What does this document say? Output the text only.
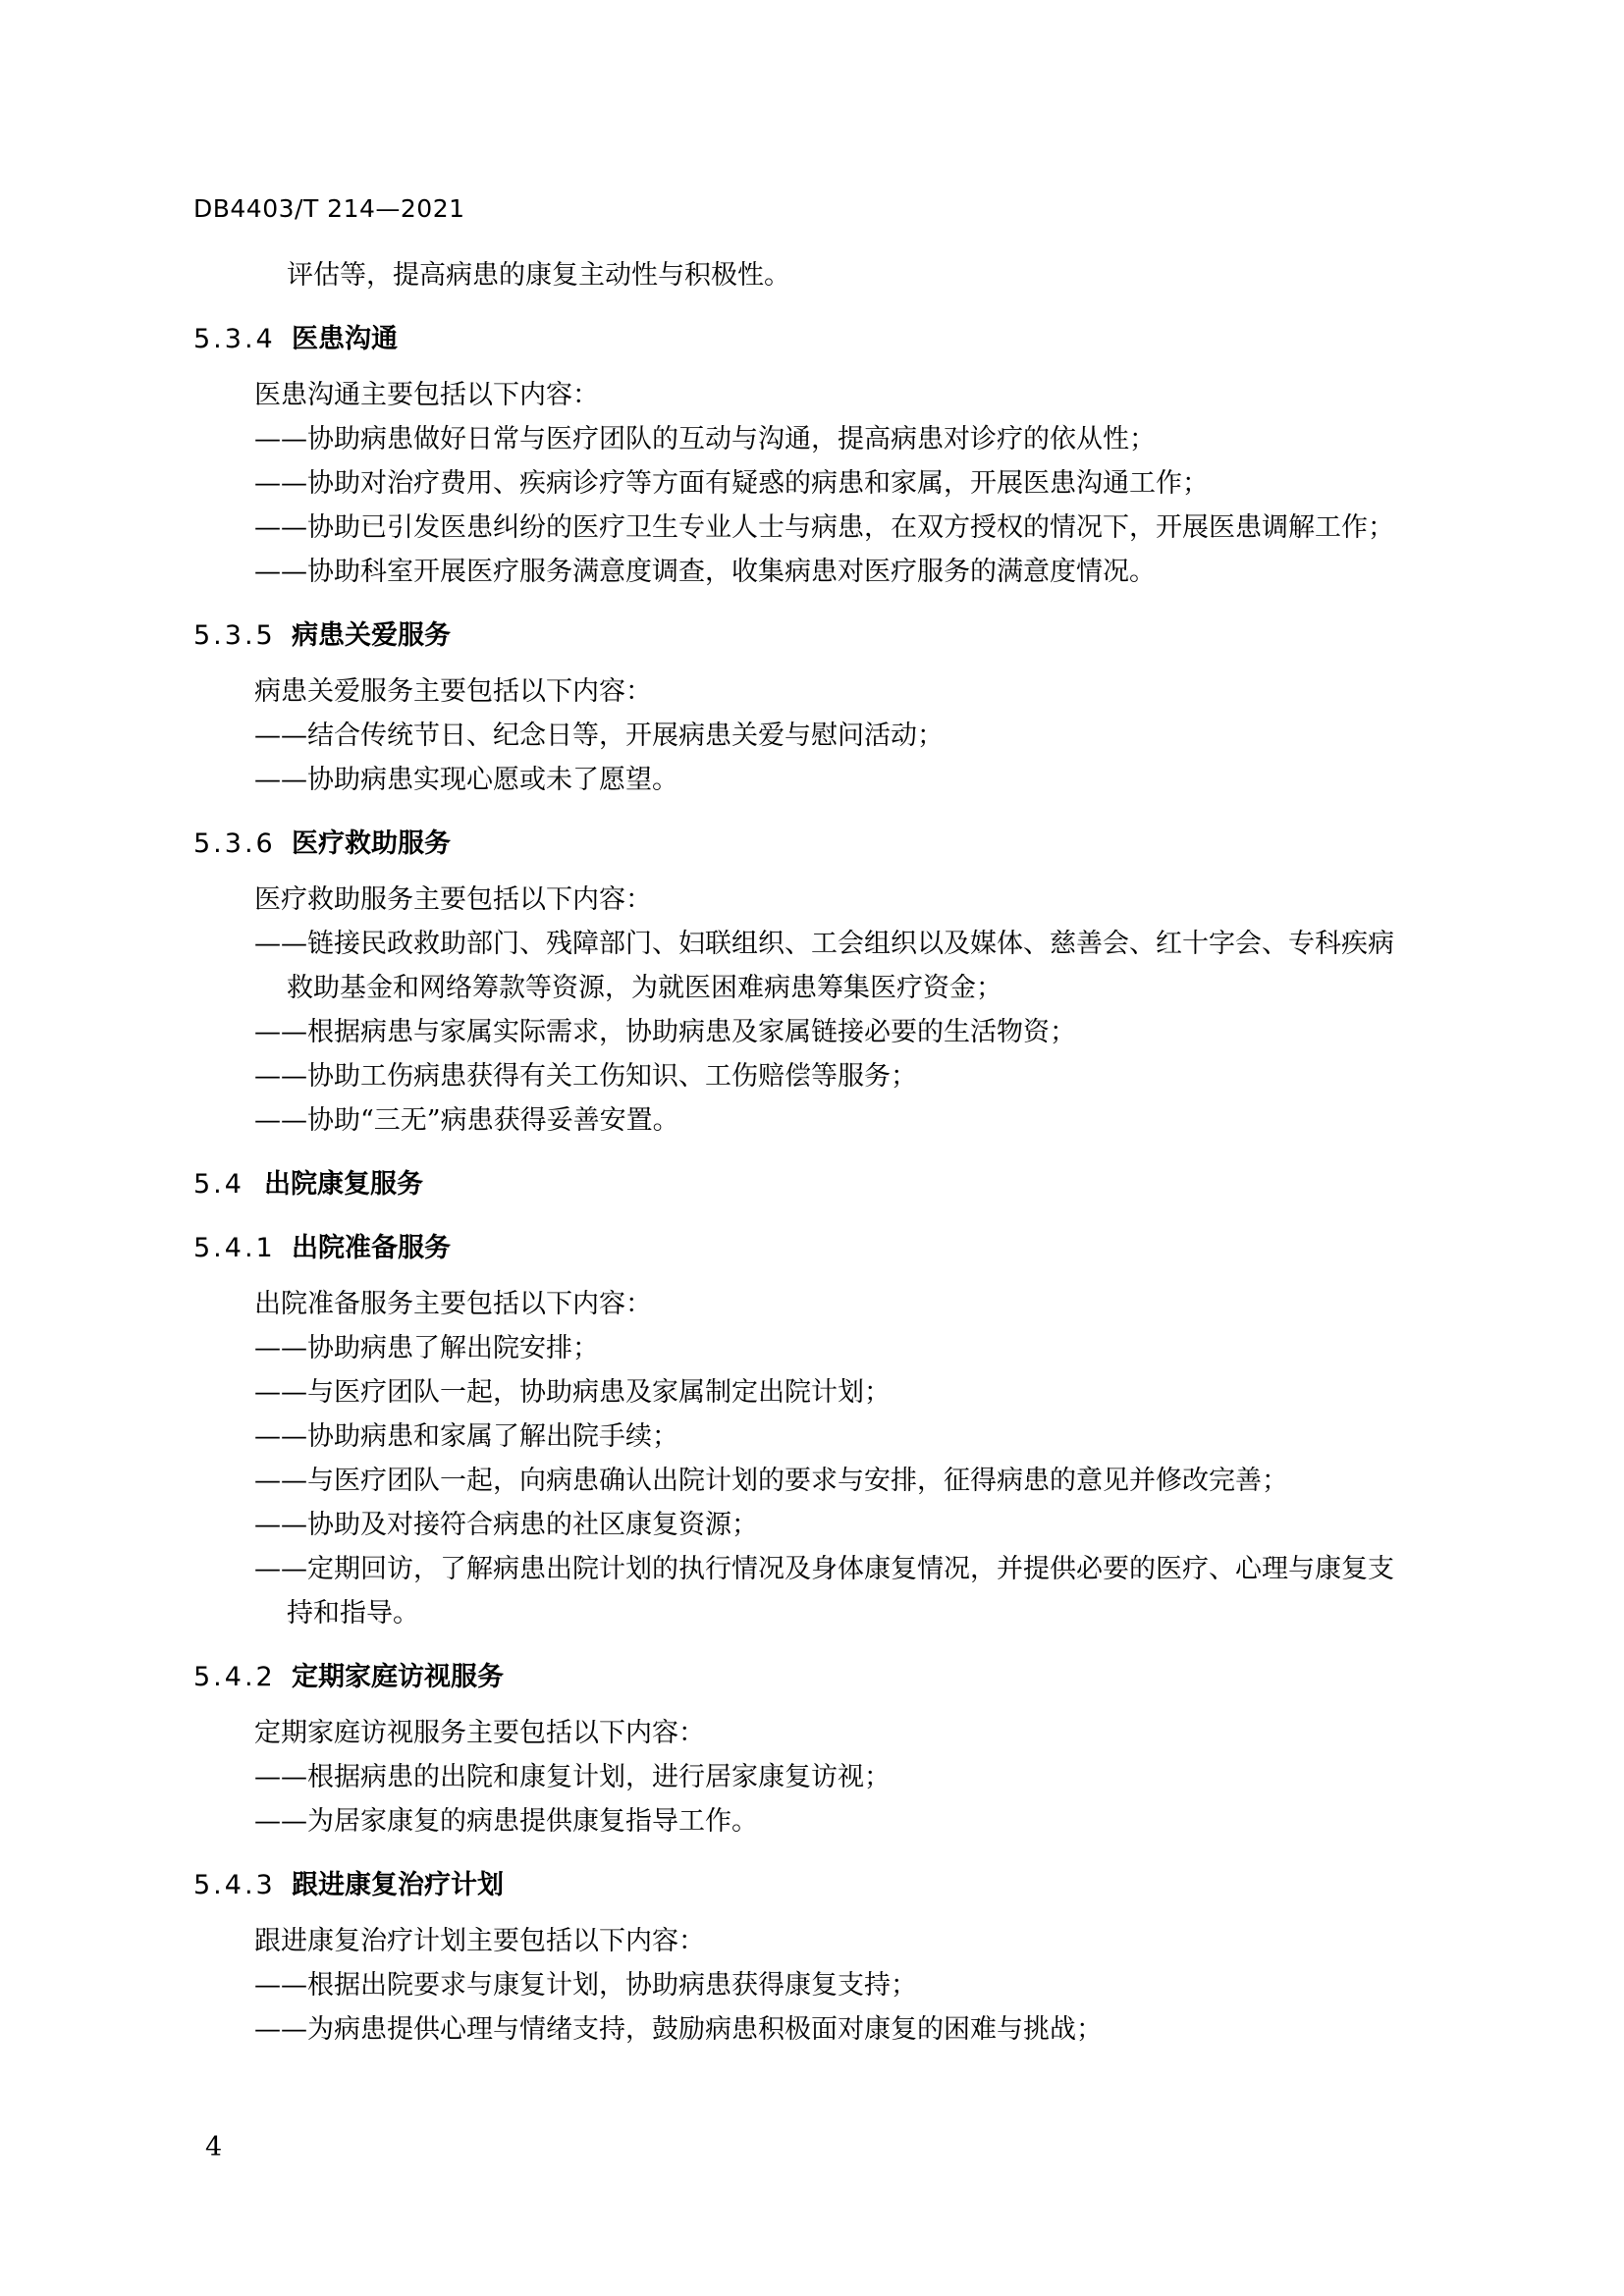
DB4403/T 214—2021

评估等，提高病患的康复主动性与积极性。

5.3.4 医患沟通

医患沟通主要包括以下内容：

——协助病患做好日常与医疗团队的互动与沟通，提高病患对诊疗的依从性；

——协助对治疗费用、疾病诊疗等方面有疑惑的病患和家属，开展医患沟通工作；

——协助已引发医患纠纷的医疗卫生专业人士与病患，在双方授权的情况下，开展医患调解工作；

——协助科室开展医疗服务满意度调查，收集病患对医疗服务的满意度情况。

5.3.5 病患关爱服务

病患关爱服务主要包括以下内容：

——结合传统节日、纪念日等，开展病患关爱与慰问活动；

——协助病患实现心愿或未了愿望。

5.3.6 医疗救助服务

医疗救助服务主要包括以下内容：

——链接民政救助部门、残障部门、妇联组织、工会组织以及媒体、慈善会、红十字会、专科疾病
救助基金和网络筹款等资源，为就医困难病患筹集医疗资金；

——根据病患与家属实际需求，协助病患及家属链接必要的生活物资；

——协助工伤病患获得有关工伤知识、工伤赔偿等服务；

——协助“三无”病患获得妥善安置。

5.4 出院康复服务
5.4.1 出院准备服务

出院准备服务主要包括以下内容：

——协助病患了解出院安排；

——与医疗团队一起，协助病患及家属制定出院计划；

——协助病患和家属了解出院手续；

——与医疗团队一起，向病患确认出院计划的要求与安排，征得病患的意见并修改完善；

——协助及对接符合病患的社区康复资源；

——定期回访，了解病患出院计划的执行情况及身体康复情况，并提供必要的医疗、心理与康复支
持和指导。
5.4.2 定期家庭访视服务

定期家庭访视服务主要包括以下内容：

——根据病患的出院和康复计划，进行居家康复访视；

——为居家康复的病患提供康复指导工作。

5.4.3 跟进康复治疗计划

跟进康复治疗计划主要包括以下内容：

——根据出院要求与康复计划，协助病患获得康复支持；

——为病患提供心理与情绪支持，鼓励病患积极面对康复的困难与挑战；

4
